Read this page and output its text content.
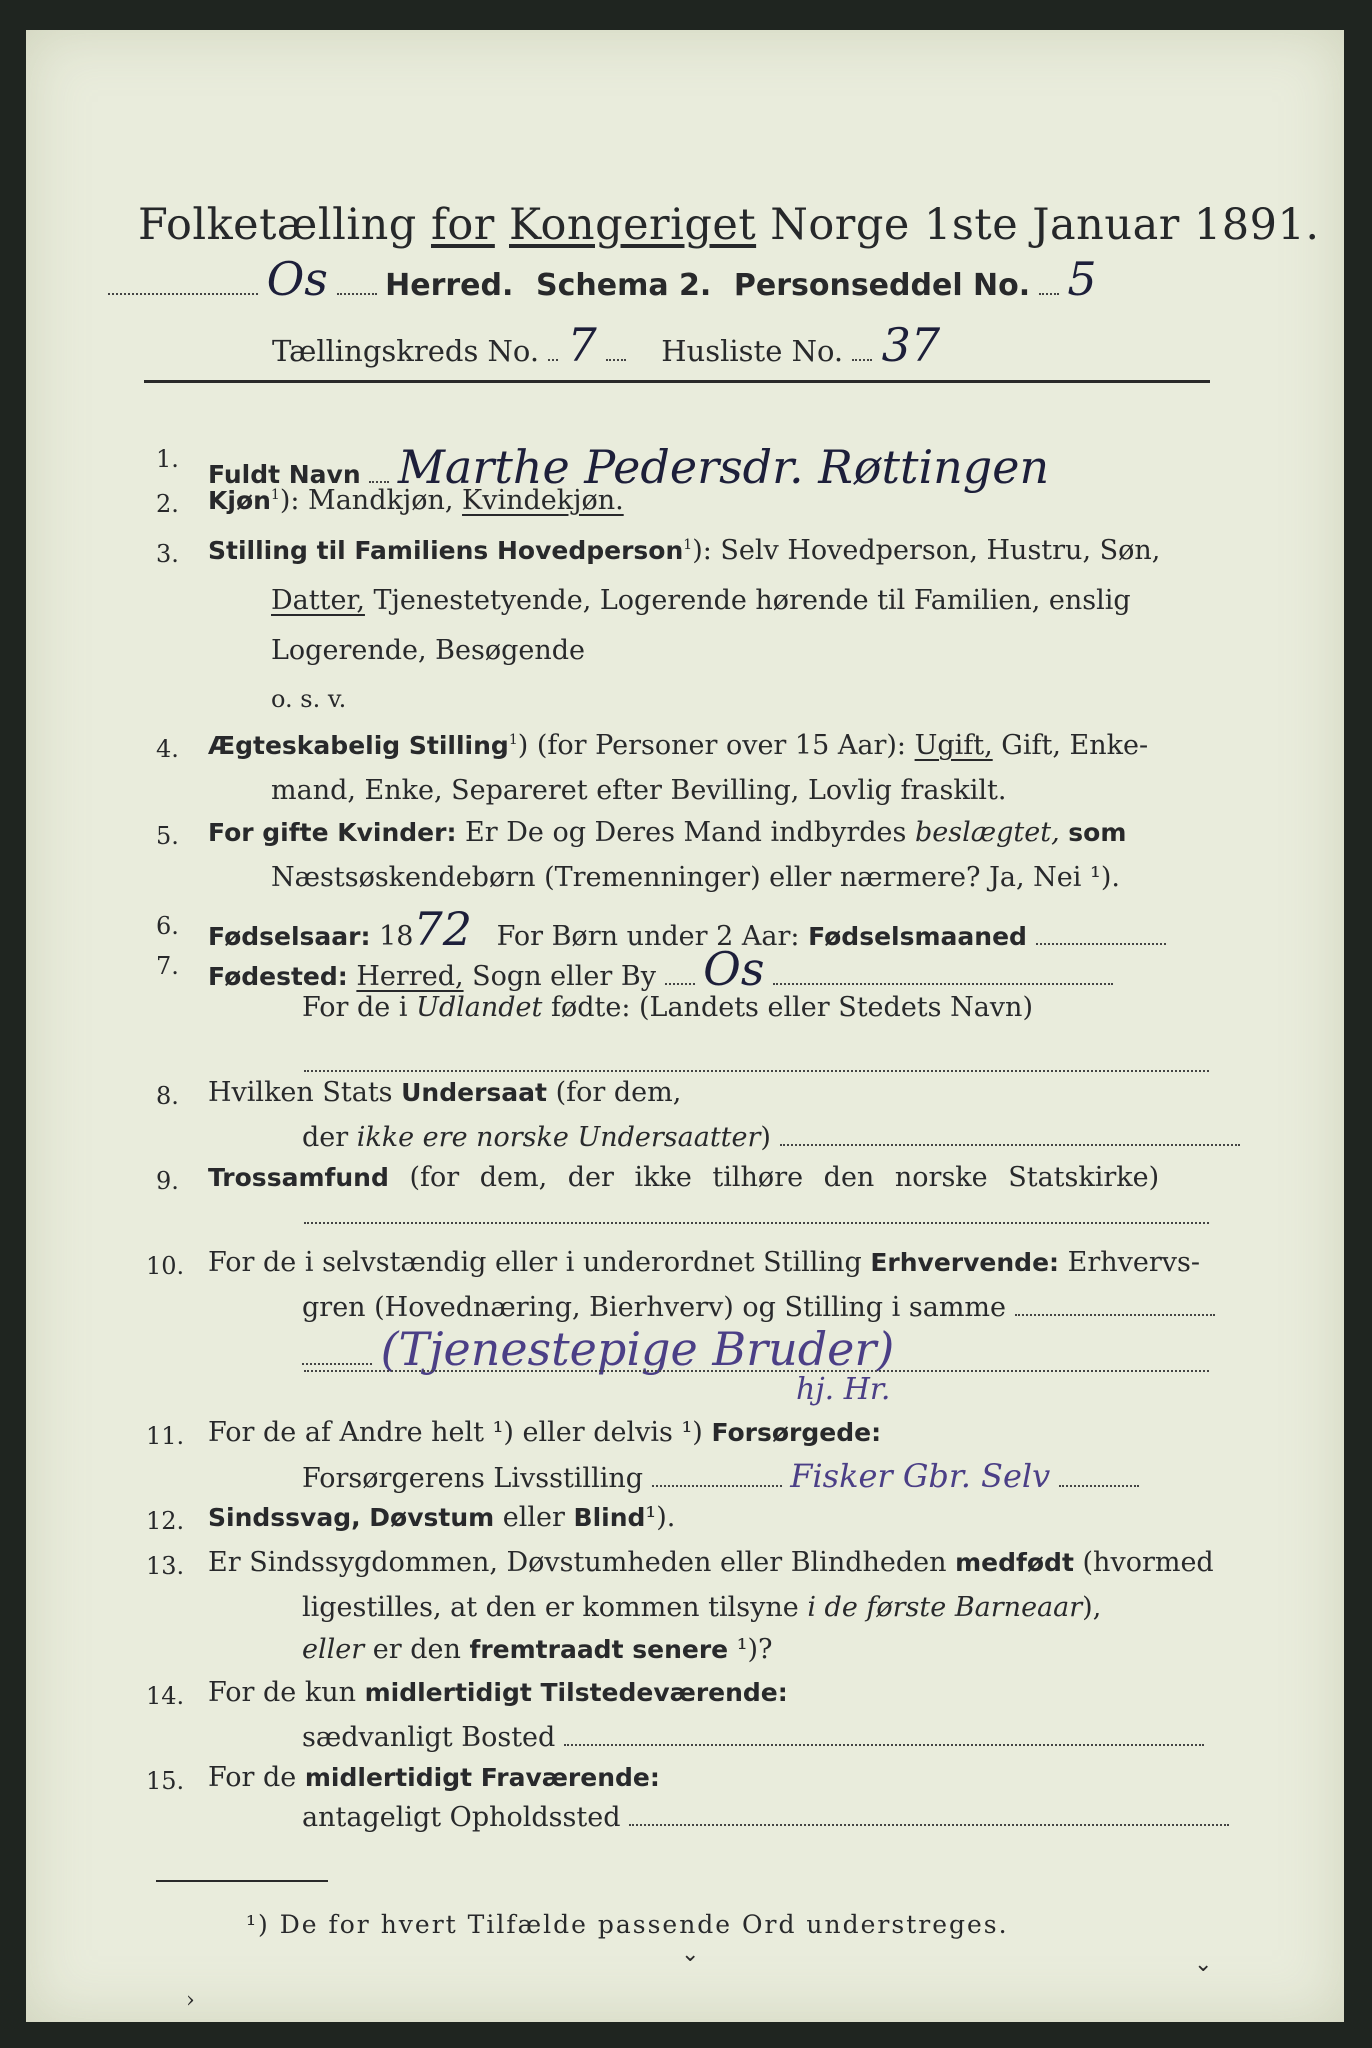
Folketælling for Kongeriget Norge 1ste Januar 1891.
Os Herred. Schema 2. Personseddel No. 5
Tællingskreds No. 7 Husliste No. 37
1.
Fuldt Navn Marthe Pedersdr. Røttingen
2. Kjøn$^1$): Mandkjøn, Kvindekjøn.
3. Stilling til Familiens Hovedperson$^1$): Selv Hovedperson, Hustru, Søn,
Datter, Tjenestetyende, Logerende hørende til Familien, enslig
Logerende, Besøgende
o. s. v.
4. Ægteskabelig Stilling$^1$) (for Personer over 15 Aar): Ugift, Gift, Enke-
mand, Enke, Separeret efter Bevilling, Lovlig fraskilt.
5. For gifte Kvinder: Er De og Deres Mand indbyrdes beslægtet, som
Næstsøskendebørn (Tremenninger) eller nærmere? Ja, Nei ¹).
6. Fødselsaar: 1872 For Børn under 2 Aar: Fødselsmaaned
7. Fødested: Herred, Sogn eller By Os
For de i Udlandet fødte: (Landets eller Stedets Navn)
8. Hvilken Stats Undersaat (for dem,
der ikke ere norske Undersaatter)
9. Trossamfund (for dem, der ikke tilhøre den norske Statskirke)
10. For de i selvstændig eller i underordnet Stilling Erhvervende: Erhvervs-
gren (Hovednæring, Bierhverv) og Stilling i samme
(Tjenestepige Bruder)
hj. Hr.
11. For de af Andre helt ¹) eller delvis ¹) Forsørgede:
Forsørgerens Livsstilling	Fisker Gbr. Selv
12. Sindssvag, Døvstum eller Blind¹).
13. Er Sindssygdommen, Døvstumheden eller Blindheden medfødt (hvormed
ligestilles, at den er kommen tilsyne i de første Barneaar),
eller er den fremtraadt senere ¹)?
14. For de kun midlertidigt Tilstedeværende:
sædvanligt Bosted
15. For de midlertidigt Fraværende:
antageligt Opholdssted
¹) De for hvert Tilfælde passende Ord understreges.
⌄	⌄
›
